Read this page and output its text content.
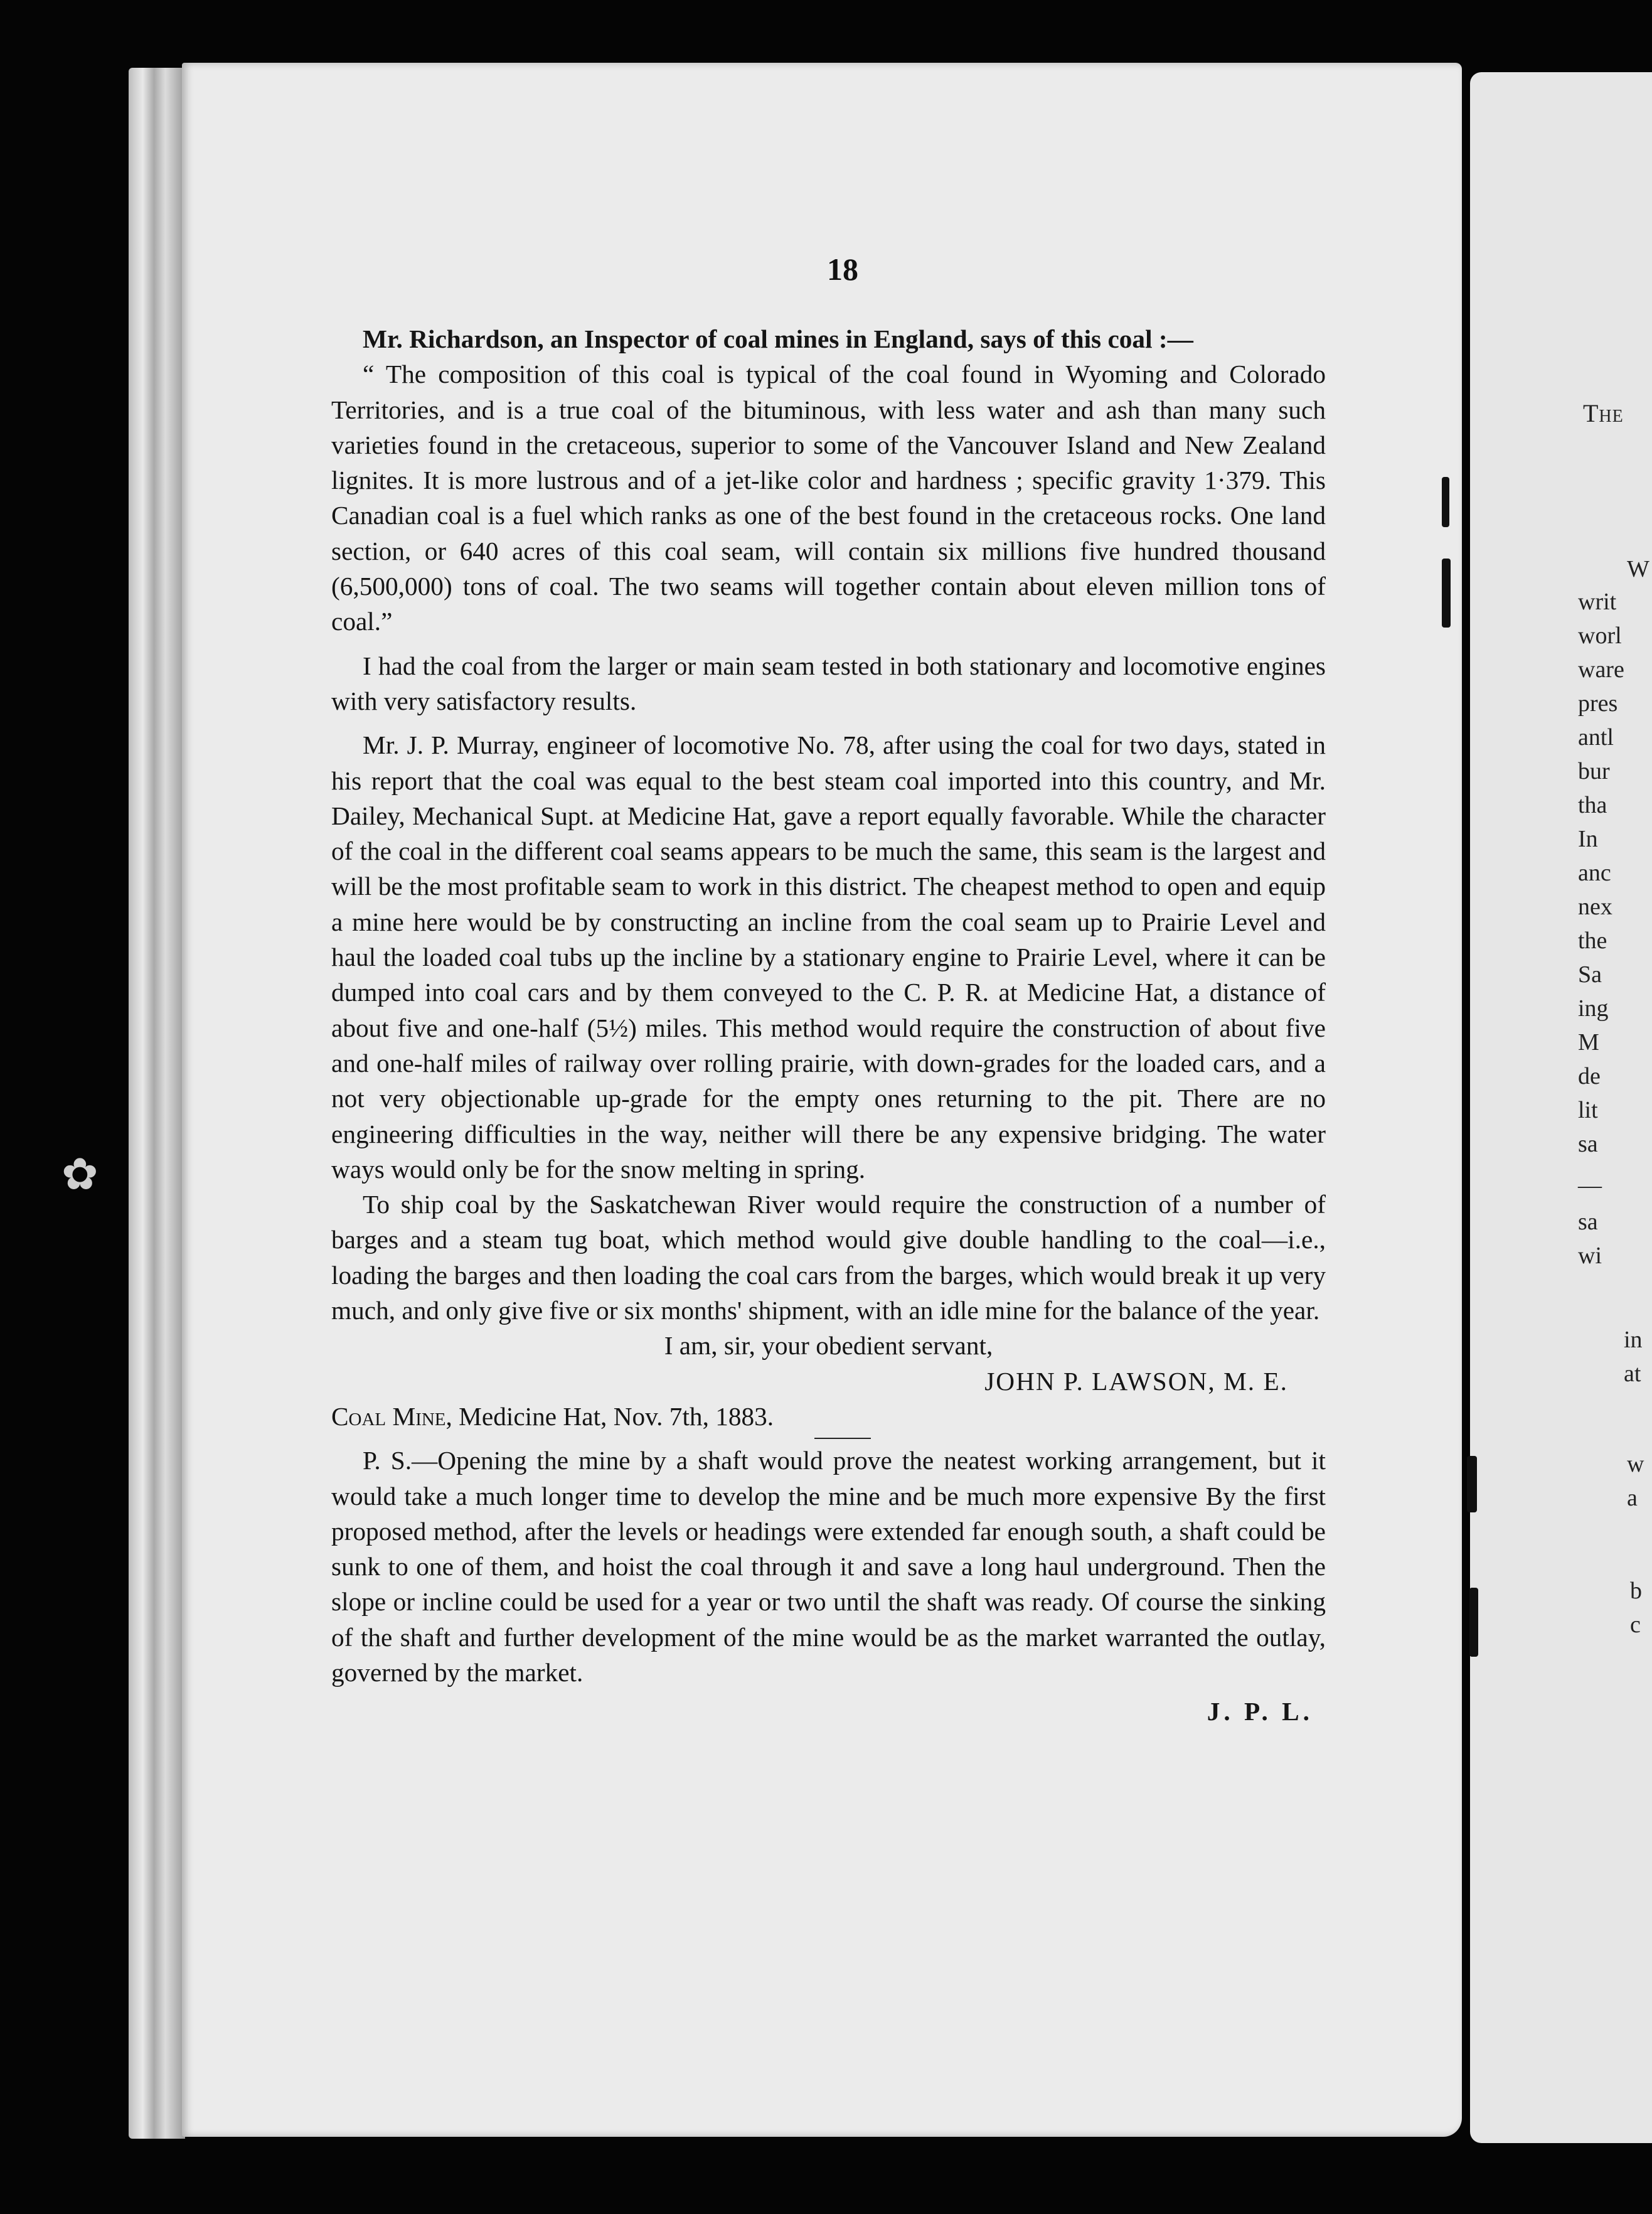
The
W
writ
worl
ware
pres
antl
bur
tha
In
anc
nex
the
Sa
ing
M
de
lit
sa
—
sa
wi
in
at
w
a
b
c
✿
18

Mr. Richardson, an Inspector of coal mines in England, says of this coal :—

“ The composition of this coal is typical of the coal found in Wyoming and Colorado Territories, and is a true coal of the bituminous, with less water and ash than many such varieties found in the cretaceous, superior to some of the Vancouver Island and New Zealand lignites. It is more lustrous and of a jet-like color and hardness ; specific gravity 1·379. This Canadian coal is a fuel which ranks as one of the best found in the cretaceous rocks. One land section, or 640 acres of this coal seam, will contain six millions five hundred thousand (6,500,000) tons of coal. The two seams will together contain about eleven million tons of coal.”

I had the coal from the larger or main seam tested in both stationary and locomotive engines with very satisfactory results.

Mr. J. P. Murray, engineer of locomotive No. 78, after using the coal for two days, stated in his report that the coal was equal to the best steam coal imported into this country, and Mr. Dailey, Mechanical Supt. at Medicine Hat, gave a report equally favorable. While the character of the coal in the different coal seams appears to be much the same, this seam is the largest and will be the most profitable seam to work in this district. The cheapest method to open and equip a mine here would be by constructing an incline from the coal seam up to Prairie Level and haul the loaded coal tubs up the incline by a stationary engine to Prairie Level, where it can be dumped into coal cars and by them conveyed to the C. P. R. at Medicine Hat, a distance of about five and one-half (5½) miles. This method would require the construction of about five and one-half miles of railway over rolling prairie, with down-grades for the loaded cars, and a not very objectionable up-grade for the empty ones returning to the pit. There are no engineering difficulties in the way, neither will there be any expensive bridging. The water ways would only be for the snow melting in spring.

To ship coal by the Saskatchewan River would require the construction of a number of barges and a steam tug boat, which method would give double handling to the coal—i.e., loading the barges and then loading the coal cars from the barges, which would break it up very much, and only give five or six months' shipment, with an idle mine for the balance of the year.

I am, sir, your obedient servant,

JOHN P. LAWSON, M. E.

Coal Mine, Medicine Hat, Nov. 7th, 1883.

P. S.—Opening the mine by a shaft would prove the neatest working arrangement, but it would take a much longer time to develop the mine and be much more expensive By the first proposed method, after the levels or headings were extended far enough south, a shaft could be sunk to one of them, and hoist the coal through it and save a long haul underground. Then the slope or incline could be used for a year or two until the shaft was ready. Of course the sinking of the shaft and further development of the mine would be as the market warranted the outlay, governed by the market.

J. P. L.
